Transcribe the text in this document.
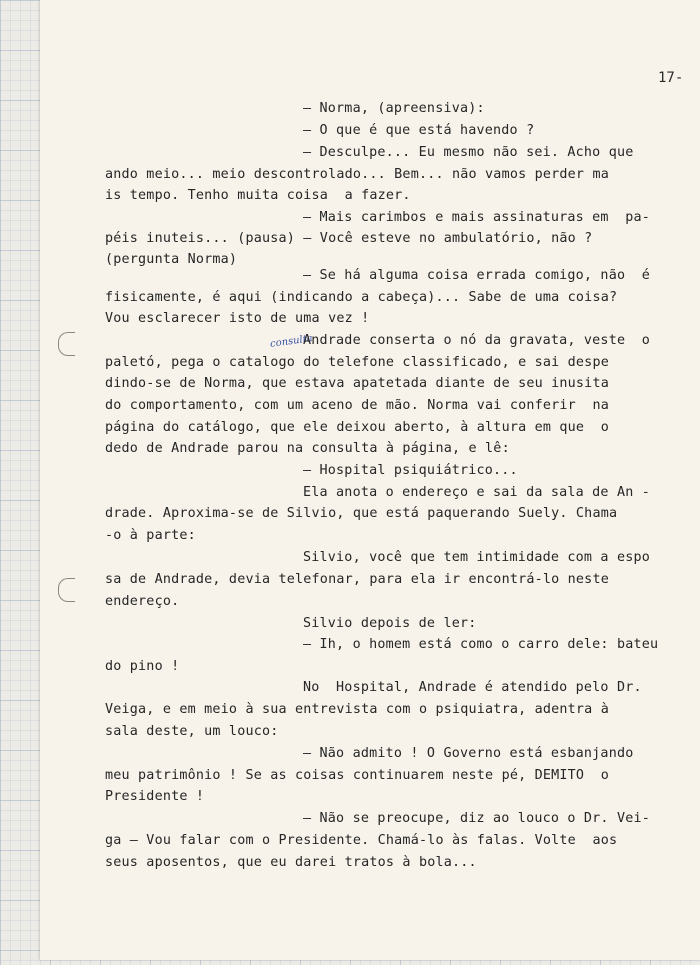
17-
consulta
– Norma, (apreensiva):
– O que é que está havendo ?
– Desculpe... Eu mesmo não sei. Acho que
ando meio... meio descontrolado... Bem... não vamos perder ma
is tempo. Tenho muita coisa  a fazer.
– Mais carimbos e mais assinaturas em  pa-
péis inuteis... (pausa) – Você esteve no ambulatório, não ?
(pergunta Norma)
– Se há alguma coisa errada comigo, não  é
fisicamente, é aqui (indicando a cabeça)... Sabe de uma coisa?
Vou esclarecer isto de uma vez !
Andrade conserta o nó da gravata, veste  o
paletó, pega o catalogo do telefone classificado, e sai despe
dindo-se de Norma, que estava apatetada diante de seu inusita
do comportamento, com um aceno de mão. Norma vai conferir  na
página do catálogo, que ele deixou aberto, à altura em que  o
dedo de Andrade parou na consulta à página, e lê:
– Hospital psiquiátrico...
Ela anota o endereço e sai da sala de An -
drade. Aproxima-se de Silvio, que está paquerando Suely. Chama
-o à parte:
Silvio, você que tem intimidade com a espo
sa de Andrade, devia telefonar, para ela ir encontrá-lo neste
endereço.
Silvio depois de ler:
– Ih, o homem está como o carro dele: bateu
do pino !
No  Hospital, Andrade é atendido pelo Dr.
Veiga, e em meio à sua entrevista com o psiquiatra, adentra à
sala deste, um louco:
– Não admito ! O Governo está esbanjando
meu patrimônio ! Se as coisas continuarem neste pé, DEMITO  o
Presidente !
– Não se preocupe, diz ao louco o Dr. Vei-
ga – Vou falar com o Presidente. Chamá-lo às falas. Volte  aos
seus aposentos, que eu darei tratos à bola...
